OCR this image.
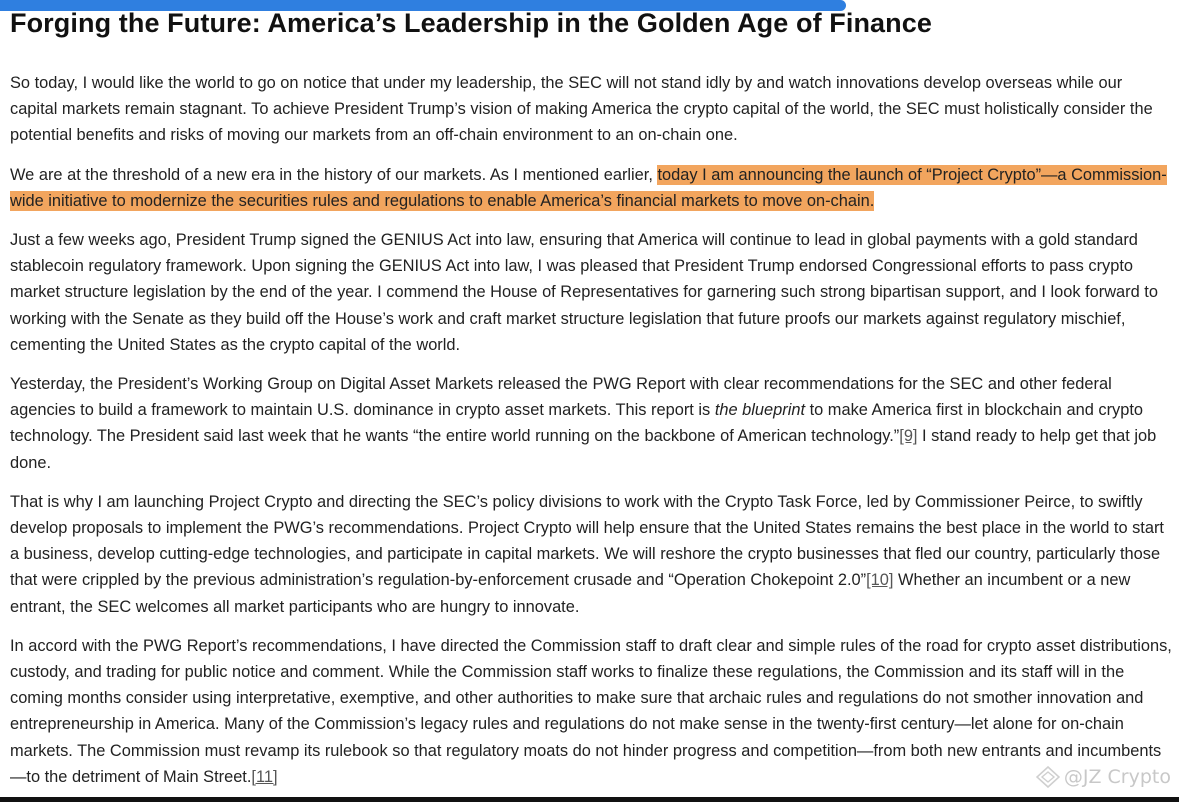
Forging the Future: America’s Leadership in the Golden Age of Finance

So today, I would like the world to go on notice that under my leadership, the SEC will not stand idly by and watch innovations develop overseas while our capital markets remain stagnant. To achieve President Trump’s vision of making America the crypto capital of the world, the SEC must holistically consider the potential benefits and risks of moving our markets from an off-chain environment to an on-chain one.

We are at the threshold of a new era in the history of our markets. As I mentioned earlier, today I am announcing the launch of “Project Crypto”—a Commission-wide initiative to modernize the securities rules and regulations to enable America’s financial markets to move on-chain.

Just a few weeks ago, President Trump signed the GENIUS Act into law, ensuring that America will continue to lead in global payments with a gold standard stablecoin regulatory framework. Upon signing the GENIUS Act into law, I was pleased that President Trump endorsed Congressional efforts to pass crypto market structure legislation by the end of the year. I commend the House of Representatives for garnering such strong bipartisan support, and I look forward to working with the Senate as they build off the House’s work and craft market structure legislation that future proofs our markets against regulatory mischief, cementing the United States as the crypto capital of the world.

Yesterday, the President’s Working Group on Digital Asset Markets released the PWG Report with clear recommendations for the SEC and other federal agencies to build a framework to maintain U.S. dominance in crypto asset markets. This report is the blueprint to make America first in blockchain and crypto technology. The President said last week that he wants “the entire world running on the backbone of American technology.”[9] I stand ready to help get that job done.

That is why I am launching Project Crypto and directing the SEC’s policy divisions to work with the Crypto Task Force, led by Commissioner Peirce, to swiftly develop proposals to implement the PWG’s recommendations. Project Crypto will help ensure that the United States remains the best place in the world to start a business, develop cutting-edge technologies, and participate in capital markets. We will reshore the crypto businesses that fled our country, particularly those that were crippled by the previous administration’s regulation-by-enforcement crusade and “Operation Chokepoint 2.0”[10] Whether an incumbent or a new entrant, the SEC welcomes all market participants who are hungry to innovate.

In accord with the PWG Report’s recommendations, I have directed the Commission staff to draft clear and simple rules of the road for crypto asset distributions, custody, and trading for public notice and comment. While the Commission staff works to finalize these regulations, the Commission and its staff will in the coming months consider using interpretative, exemptive, and other authorities to make sure that archaic rules and regulations do not smother innovation and entrepreneurship in America. Many of the Commission’s legacy rules and regulations do not make sense in the twenty-first century—let alone for on-chain markets. The Commission must revamp its rulebook so that regulatory moats do not hinder progress and competition—from both new entrants and incumbents—to the detriment of Main Street.[11]	@JZ Crypto
